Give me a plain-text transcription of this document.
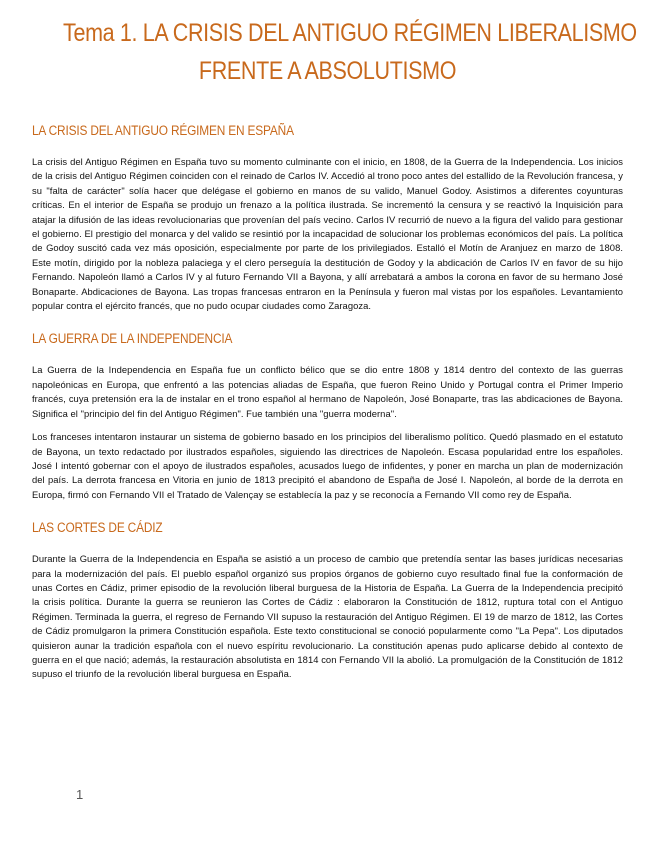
Tema 1. LA CRISIS DEL ANTIGUO RÉGIMEN LIBERALISMO
FRENTE A ABSOLUTISMO
LA CRISIS DEL ANTIGUO RÉGIMEN EN ESPAÑA

La crisis del Antiguo Régimen en España tuvo su momento culminante con el inicio, en 1808, de la Guerra de la Independencia. Los inicios de la crisis del Antiguo Régimen coinciden con el reinado de Carlos IV. Accedió al trono poco antes del estallido de la Revolución francesa, y su "falta de carácter" solía hacer que delégase el gobierno en manos de su valido, Manuel Godoy. Asistimos a diferentes coyunturas críticas. En el interior de España se produjo un frenazo a la política ilustrada. Se incrementó la censura y se reactivó la Inquisición para atajar la difusión de las ideas revolucionarias que provenían del país vecino. Carlos IV recurrió de nuevo a la figura del valido para gestionar el gobierno. El prestigio del monarca y del valido se resintió por la incapacidad de solucionar los problemas económicos del país. La política de Godoy suscitó cada vez más oposición, especialmente por parte de los privilegiados. Estalló el Motín de Aranjuez en marzo de 1808. Este motín, dirigido por la nobleza palaciega y el clero perseguía la destitución de Godoy y la abdicación de Carlos IV en favor de su hijo Fernando. Napoleón llamó a Carlos IV y al futuro Fernando VII a Bayona, y allí arrebatará a ambos la corona en favor de su hermano José Bonaparte. Abdicaciones de Bayona. Las tropas francesas entraron en la Península y fueron mal vistas por los españoles. Levantamiento popular contra el ejército francés, que no pudo ocupar ciudades como Zaragoza.

LA GUERRA DE LA INDEPENDENCIA

La Guerra de la Independencia en España fue un conflicto bélico que se dio entre 1808 y 1814 dentro del contexto de las guerras napoleónicas en Europa, que enfrentó a las potencias aliadas de España, que fueron Reino Unido y Portugal contra el Primer Imperio francés, cuya pretensión era la de instalar en el trono español al hermano de Napoleón, José Bonaparte, tras las abdicaciones de Bayona. Significa el "principio del fin del Antiguo Régimen". Fue también una "guerra moderna".

Los franceses intentaron instaurar un sistema de gobierno basado en los principios del liberalismo político. Quedó plasmado en el estatuto de Bayona, un texto redactado por ilustrados españoles, siguiendo las directrices de Napoleón. Escasa popularidad entre los españoles. José I intentó gobernar con el apoyo de ilustrados españoles, acusados luego de infidentes, y poner en marcha un plan de modernización del país. La derrota francesa en Vitoria en junio de 1813 precipitó el abandono de España de José I. Napoleón, al borde de la derrota en Europa, firmó con Fernando VII el Tratado de Valençay se establecía la paz y se reconocía a Fernando VII como rey de España.

LAS CORTES DE CÁDIZ

Durante la Guerra de la Independencia en España se asistió a un proceso de cambio que pretendía sentar las bases jurídicas necesarias para la modernización del país. El pueblo español organizó sus propios órganos de gobierno cuyo resultado final fue la conformación de unas Cortes en Cádiz, primer episodio de la revolución liberal burguesa de la Historia de España. La Guerra de la Independencia precipitó la crisis política. Durante la guerra se reunieron las Cortes de Cádiz : elaboraron la Constitución de 1812, ruptura total con el Antiguo Régimen. Terminada la guerra, el regreso de Fernando VII supuso la restauración del Antiguo Régimen. El 19 de marzo de 1812, las Cortes de Cádiz promulgaron la primera Constitución española. Este texto constitucional se conoció popularmente como "La Pepa". Los diputados quisieron aunar la tradición española con el nuevo espíritu revolucionario. La constitución apenas pudo aplicarse debido al contexto de guerra en el que nació; además, la restauración absolutista en 1814 con Fernando VII la abolió. La promulgación de la Constitución de 1812 supuso el triunfo de la revolución liberal burguesa en España.

1
